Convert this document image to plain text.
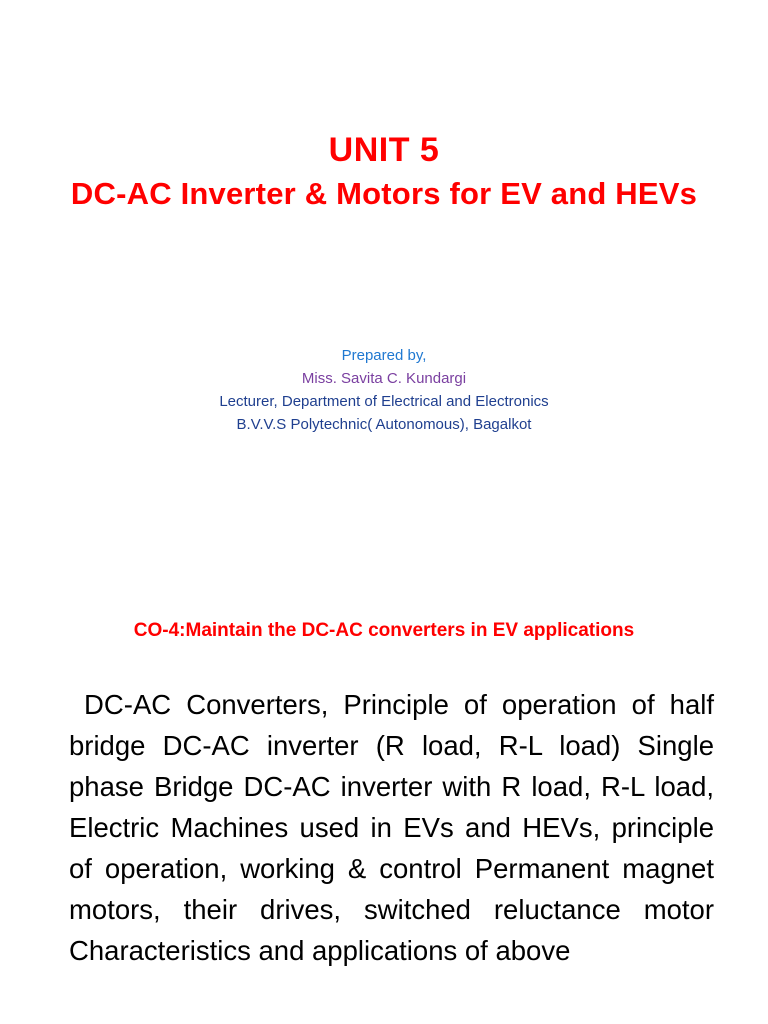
UNIT 5
DC-AC Inverter & Motors for EV and HEVs
Prepared by,
Miss. Savita C. Kundargi
Lecturer, Department of Electrical and Electronics
B.V.V.S Polytechnic( Autonomous), Bagalkot
CO-4:Maintain the DC-AC converters in EV applications
DC-AC Converters, Principle of operation of half bridge DC-AC inverter (R load, R-L load) Single phase Bridge DC-AC inverter with R load, R-L load, Electric Machines used in EVs and HEVs, principle of operation, working & control Permanent magnet motors, their drives, switched reluctance motor Characteristics and applications of above
